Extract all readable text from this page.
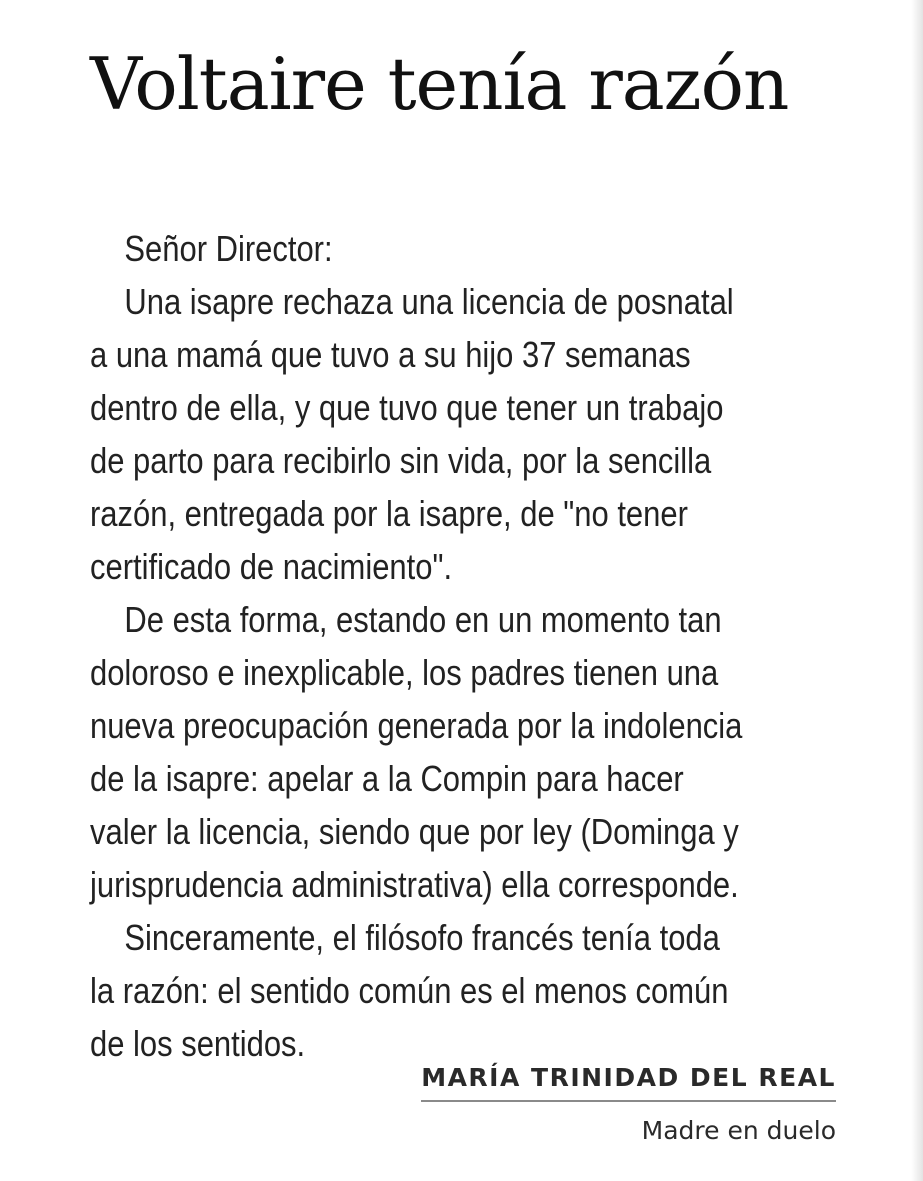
Voltaire tenía razón
Señor Director:
Una isapre rechaza una licencia de posnatal
a una mamá que tuvo a su hijo 37 semanas
dentro de ella, y que tuvo que tener un trabajo
de parto para recibirlo sin vida, por la sencilla
razón, entregada por la isapre, de "no tener
certificado de nacimiento".
De esta forma, estando en un momento tan
doloroso e inexplicable, los padres tienen una
nueva preocupación generada por la indolencia
de la isapre: apelar a la Compin para hacer
valer la licencia, siendo que por ley (Dominga y
jurisprudencia administrativa) ella corresponde.
Sinceramente, el filósofo francés tenía toda
la razón: el sentido común es el menos común
de los sentidos.
MARÍA TRINIDAD DEL REAL
Madre en duelo
